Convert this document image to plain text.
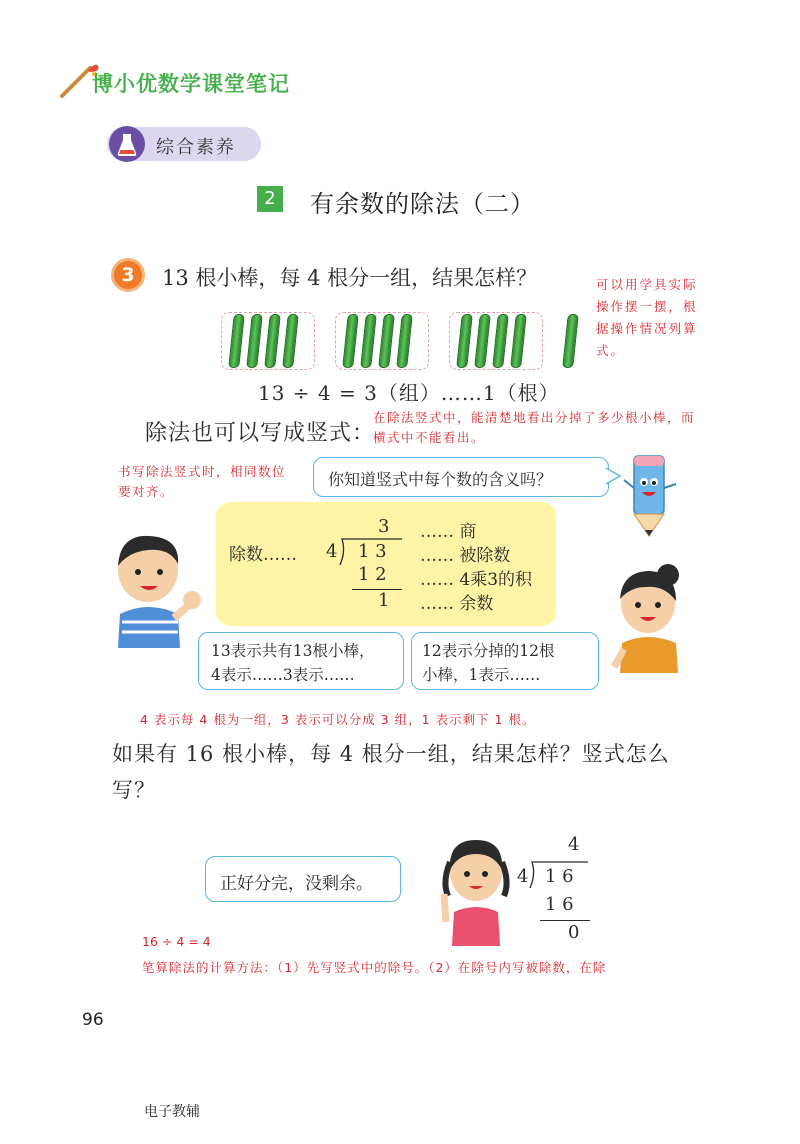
博小优数学课堂笔记
综合素养
2	有余数的除法（二）
3	13 根小棒，每 4 根分一组，结果怎样？	可以用学具实际操作摆一摆，根据操作情况列算式。
13 ÷ 4 = 3（组）……1（根）
除法也可以写成竖式：
在除法竖式中，能清楚地看出分掉了多少根小棒，而横式中不能看出。
书写除法竖式时，相同数位要对齐。
你知道竖式中每个数的含义吗？
除数……
3
4 1 3
1 2
1
…… 商
…… 被除数
…… 4乘3的积
…… 余数
13表示共有13根小棒，
4表示……3表示……
12表示分掉的12根
小棒，1表示……
4 表示每 4 根为一组，3 表示可以分成 3 组，1 表示剩下 1 根。
如果有 16 根小棒，每 4 根分一组，结果怎样？竖式怎么写？
正好分完，没剩余。
4
4 1 6
1 6
0
16 ÷ 4 = 4
笔算除法的计算方法：（1）先写竖式中的除号。（2）在除号内写被除数，在除
96
电子教辅
